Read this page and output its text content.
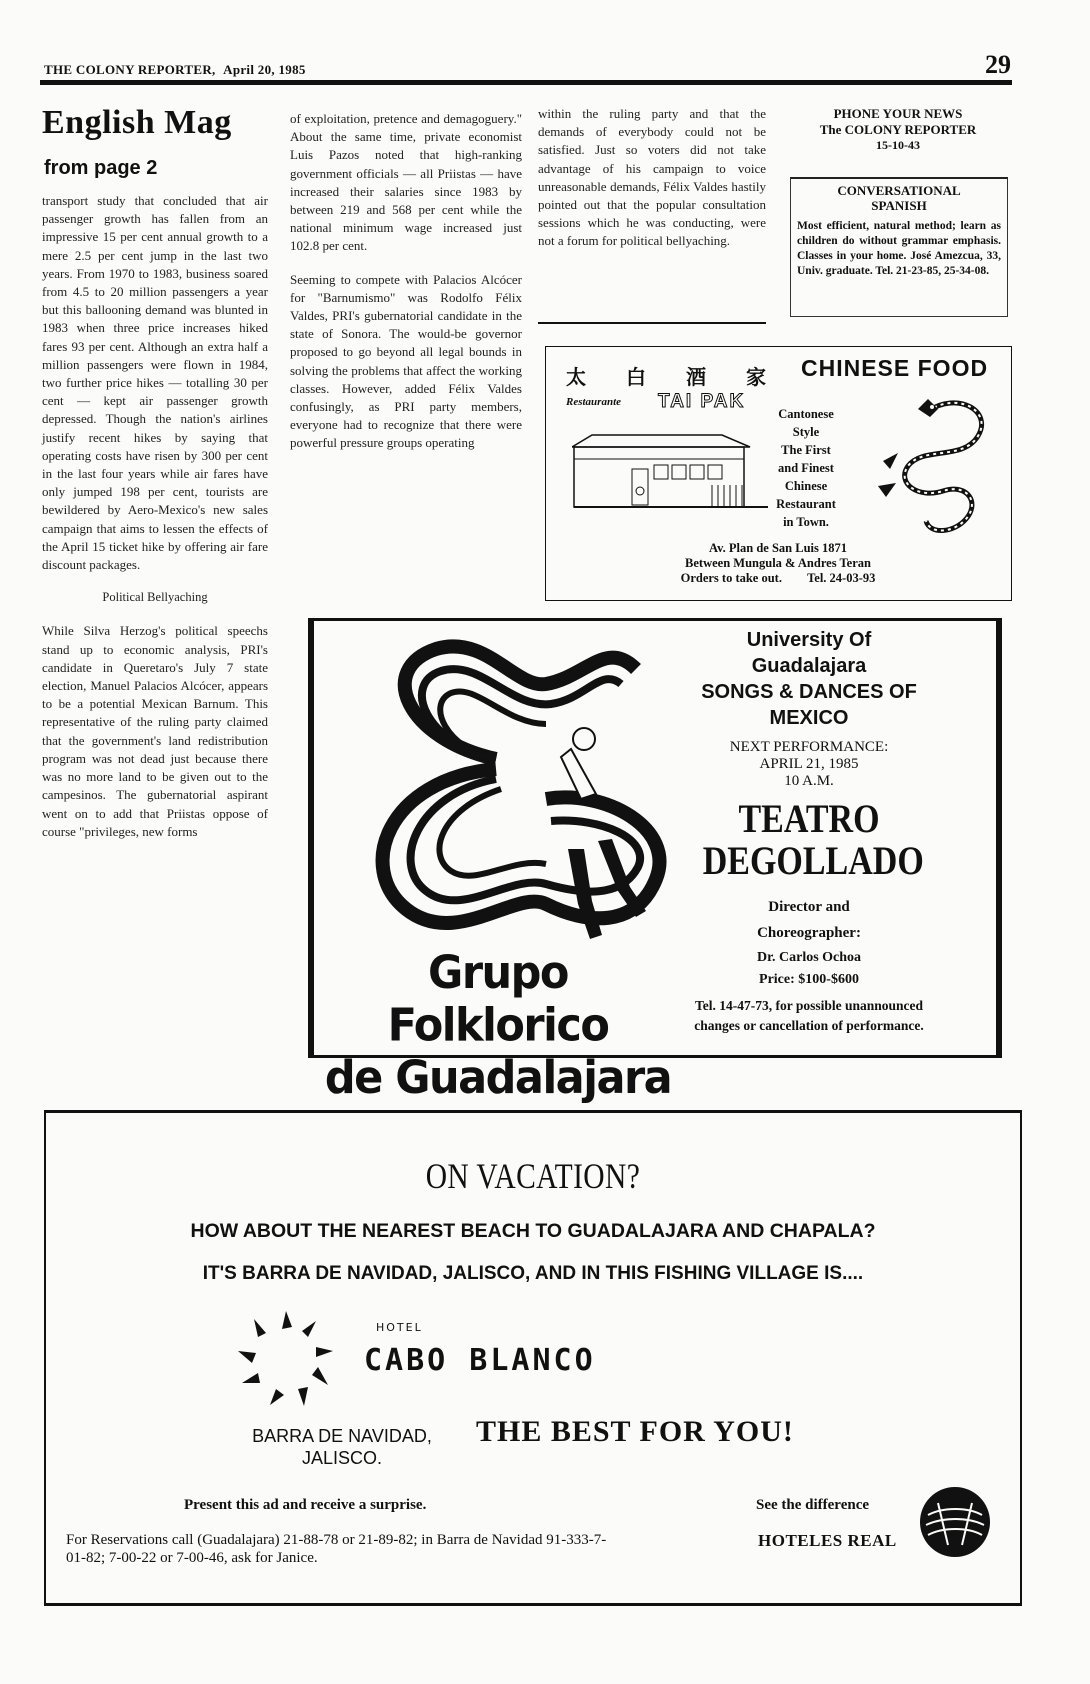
THE COLONY REPORTER, April 20, 1985	29
English Mag
from page 2

transport study that concluded that air passenger growth has fallen from an impressive 15 per cent annual growth to a mere 2.5 per cent jump in the last two years. From 1970 to 1983, business soared from 4.5 to 20 million passengers a year but this ballooning demand was blunted in 1983 when three price increases hiked fares 93 per cent. Although an extra half a million passengers were flown in 1984, two further price hikes — totalling 30 per cent — kept air passenger growth depressed. Though the nation's airlines justify recent hikes by saying that operating costs have risen by 300 per cent in the last four years while air fares have only jumped 198 per cent, tourists are bewildered by Aero-Mexico's new sales campaign that aims to lessen the effects of the April 15 ticket hike by offering air fare discount packages.

Political Bellyaching

While Silva Herzog's political speechs stand up to economic analysis, PRI's candidate in Queretaro's July 7 state election, Manuel Palacios Alcócer, appears to be a potential Mexican Barnum. This representative of the ruling party claimed that the government's land redistribution program was not dead just because there was no more land to be given out to the campesinos. The gubernatorial aspirant went on to add that Priistas oppose of course "privileges, new forms

of exploitation, pretence and demagoguery." About the same time, private economist Luis Pazos noted that high-ranking government officials — all Priistas — have increased their salaries since 1983 by between 219 and 568 per cent while the national minimum wage increased just 102.8 per cent.

Seeming to compete with Palacios Alcócer for "Barnumismo" was Rodolfo Félix Valdes, PRI's gubernatorial candidate in the state of Sonora. The would-be governor proposed to go beyond all legal bounds in solving the problems that affect the working classes. However, added Félix Valdes confusingly, as PRI party members, everyone had to recognize that there were powerful pressure groups operating

within the ruling party and that the demands of everybody could not be satisfied. Just so voters did not take advantage of his campaign to voice unreasonable demands, Félix Valdes hastily pointed out that the popular consultation sessions which he was conducting, were not a forum for political bellyaching.

PHONE YOUR NEWS
The COLONY REPORTER
15-10-43
CONVERSATIONAL SPANISH
Most efficient, natural method; learn as children do without grammar emphasis. Classes in your home. José Amezcua, 33, Univ. graduate. Tel. 21-23-85, 25-34-08.
太 白 酒 家
Restaurante TAI PAK
CHINESE FOOD
Cantonese
Style
The First
and Finest
Chinese
Restaurant
in Town.
Av. Plan de San Luis 1871
Between Mungula & Andres Teran
Orders to take out. Tel. 24-03-93
Grupo Folklorico
de Guadalajara
University Of Guadalajara
SONGS & DANCES OF MEXICO
NEXT PERFORMANCE:
APRIL 21, 1985
10 A.M.
TEATRO
DEGOLLADO
Director and Choreographer:
Dr. Carlos Ochoa
Price: $100-$600
Tel. 14-47-73, for possible unannounced changes or cancellation of performance.
ON VACATION?
HOW ABOUT THE NEAREST BEACH TO GUADALAJARA AND CHAPALA?
IT'S BARRA DE NAVIDAD, JALISCO, AND IN THIS FISHING VILLAGE IS....
HOTEL
CABO BLANCO
BARRA DE NAVIDAD, JALISCO.
THE BEST FOR YOU!
Present this ad and receive a surprise.
For Reservations call (Guadalajara) 21-88-78 or 21-89-82; in Barra de Navidad 91-333-7-01-82; 7-00-22 or 7-00-46, ask for Janice.
See the difference
HOTELES REAL
